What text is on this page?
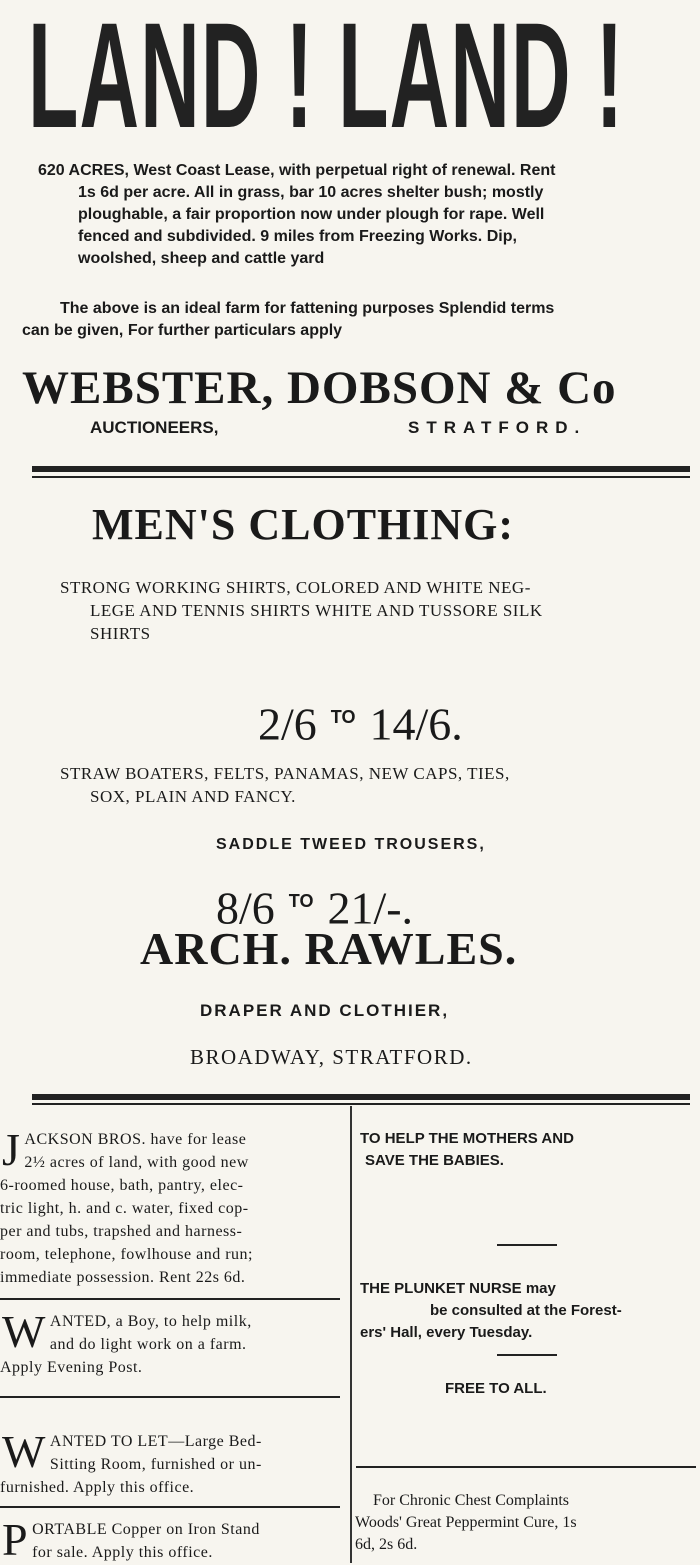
LAND ! LAND !
620 ACRES, West Coast Lease, with perpetual right of renewal. Rent
1s 6d per acre. All in grass, bar 10 acres shelter bush; mostly
ploughable, a fair proportion now under plough for rape. Well
fenced and subdivided. 9 miles from Freezing Works. Dip,
woolshed, sheep and cattle yard
The above is an ideal farm for fattening purposes Splendid terms
can be given, For further particulars apply
WEBSTER, DOBSON & Co
AUCTIONEERS,	STRATFORD.
MEN'S CLOTHING:
STRONG WORKING SHIRTS, COLORED AND WHITE NEG-
LEGE AND TENNIS SHIRTS WHITE AND TUSSORE SILK
SHIRTS
2/6 $^{TO}$ 14/6.
STRAW BOATERS, FELTS, PANAMAS, NEW CAPS, TIES,
SOX, PLAIN AND FANCY.
SADDLE TWEED TROUSERS,
8/6 $^{TO}$ 21/-.
ARCH. RAWLES.
DRAPER AND CLOTHIER,
BROADWAY, STRATFORD.
J ACKSON BROS. have for lease
2½ acres of land, with good new
6-roomed house, bath, pantry, elec-
tric light, h. and c. water, fixed cop-
per and tubs, trapshed and harness-
room, telephone, fowlhouse and run;
immediate possession. Rent 22s 6d.
W ANTED, a Boy, to help milk,
and do light work on a farm.
Apply Evening Post.
W ANTED TO LET—Large Bed-
Sitting Room, furnished or un-
furnished. Apply this office.
P ORTABLE Copper on Iron Stand
for sale. Apply this office.
TO HELP THE MOTHERS AND
SAVE THE BABIES.
THE PLUNKET NURSE may
be consulted at the Forest-
ers' Hall, every Tuesday.
FREE TO ALL.
For Chronic Chest Complaints
Woods' Great Peppermint Cure, 1s
6d, 2s 6d.
